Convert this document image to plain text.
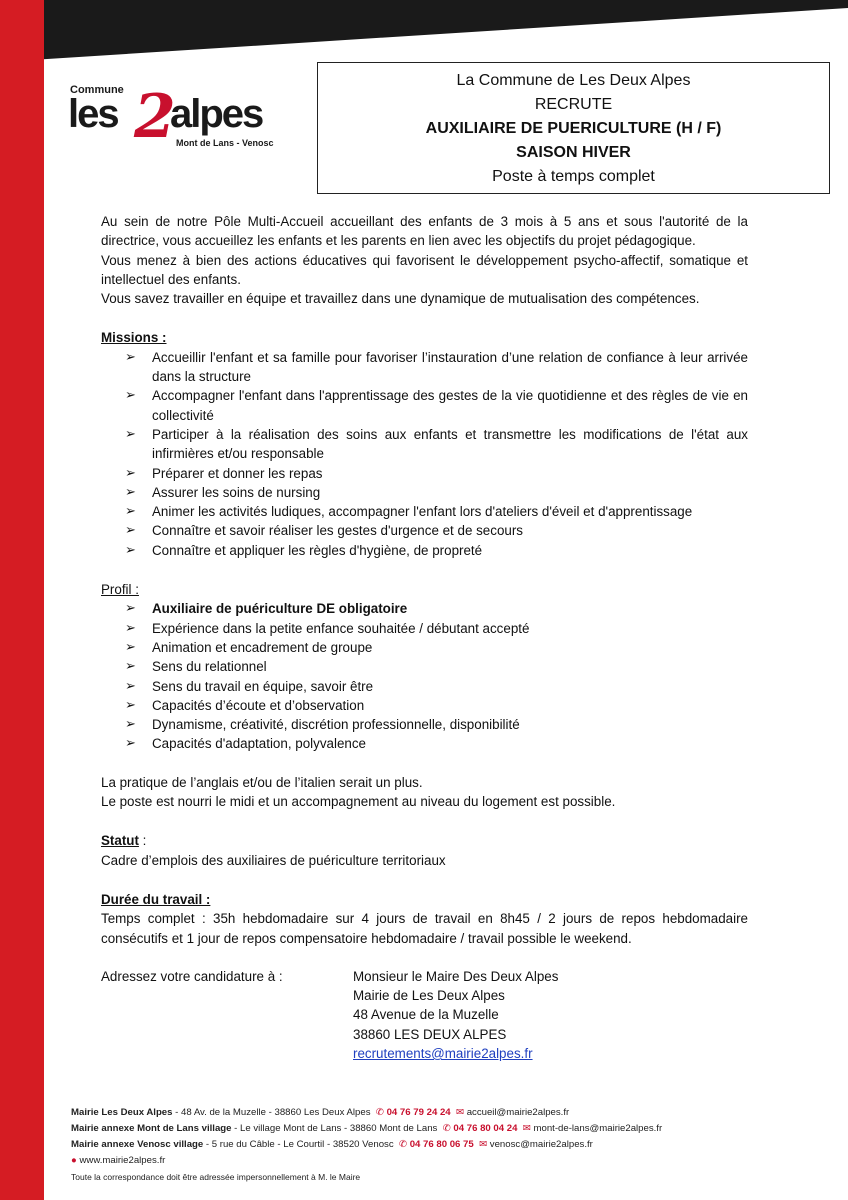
Commune
les 2
alpes
Mont de Lans - Venosc
La Commune de Les Deux Alpes
RECRUTE
AUXILIAIRE DE PUERICULTURE (H / F)
SAISON HIVER
Poste à temps complet

Au sein de notre Pôle Multi-Accueil accueillant des enfants de 3 mois à 5 ans et sous l'autorité de la directrice, vous accueillez les enfants et les parents en lien avec les objectifs du projet pédagogique.

Vous menez à bien des actions éducatives qui favorisent le développement psycho-affectif, somatique et intellectuel des enfants.

Vous savez travailler en équipe et travaillez dans une dynamique de mutualisation des compétences.

Missions :

➢ Accueillir l'enfant et sa famille pour favoriser l’instauration d’une relation de confiance à leur arrivée dans la structure
➢ Accompagner l'enfant dans l'apprentissage des gestes de la vie quotidienne et des règles de vie en collectivité
➢ Participer à la réalisation des soins aux enfants et transmettre les modifications de l'état aux infirmières et/ou responsable
➢ Préparer et donner les repas
➢ Assurer les soins de nursing
➢ Animer les activités ludiques, accompagner l'enfant lors d'ateliers d'éveil et d'apprentissage
➢ Connaître et savoir réaliser les gestes d'urgence et de secours
➢ Connaître et appliquer les règles d'hygiène, de propreté

Profil :

➢ Auxiliaire de puériculture DE obligatoire
➢ Expérience dans la petite enfance souhaitée / débutant accepté
➢ Animation et encadrement de groupe
➢ Sens du relationnel
➢ Sens du travail en équipe, savoir être
➢ Capacités d’écoute et d’observation
➢ Dynamisme, créativité, discrétion professionnelle, disponibilité
➢ Capacités d'adaptation, polyvalence

La pratique de l’anglais et/ou de l’italien serait un plus.

Le poste est nourri le midi et un accompagnement au niveau du logement est possible.

Statut :

Cadre d’emplois des auxiliaires de puériculture territoriaux

Durée du travail :

Temps complet : 35h hebdomadaire sur 4 jours de travail en 8h45 / 2 jours de repos hebdomadaire consécutifs et 1 jour de repos compensatoire hebdomadaire / travail possible le weekend.

Adressez votre candidature à :	Monsieur le Maire Des Deux Alpes
Mairie de Les Deux Alpes
48 Avenue de la Muzelle
38860 LES DEUX ALPES
recrutements@mairie2alpes.fr
Mairie Les Deux Alpes - 48 Av. de la Muzelle - 38860 Les Deux Alpes ✆ 04 76 79 24 24 ✉ accueil@mairie2alpes.fr
Mairie annexe Mont de Lans village - Le village Mont de Lans - 38860 Mont de Lans ✆ 04 76 80 04 24 ✉ mont-de-lans@mairie2alpes.fr
Mairie annexe Venosc village - 5 rue du Câble - Le Courtil - 38520 Venosc ✆ 04 76 80 06 75 ✉ venosc@mairie2alpes.fr
● www.mairie2alpes.fr
Toute la correspondance doit être adressée impersonnellement à M. le Maire
